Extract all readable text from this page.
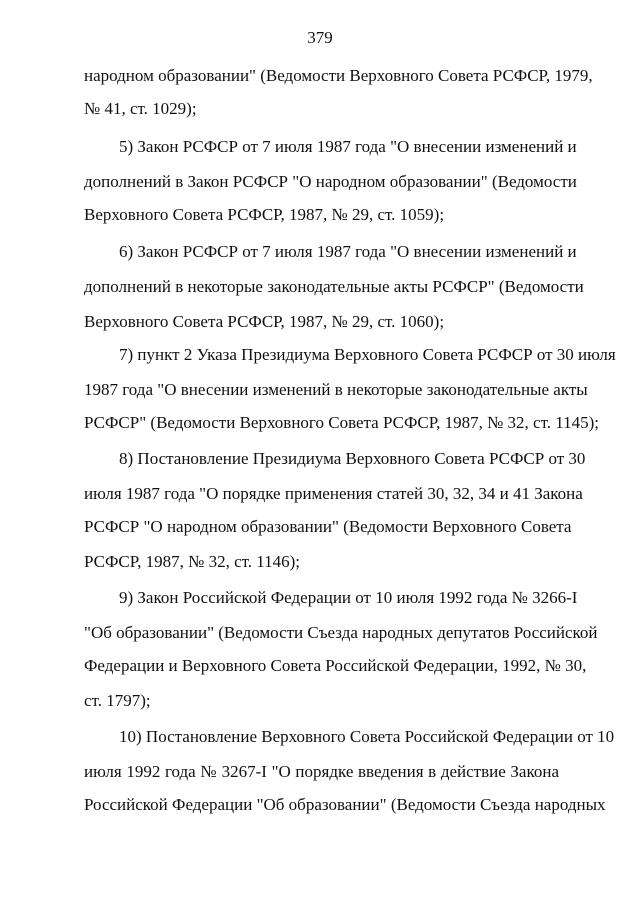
379
народном образовании" (Ведомости Верховного Совета РСФСР, 1979,
№ 41, ст. 1029);
5) Закон РСФСР от 7 июля 1987 года "О внесении изменений и
дополнений в Закон РСФСР "О народном образовании" (Ведомости
Верховного Совета РСФСР, 1987, № 29, ст. 1059);
6) Закон РСФСР от 7 июля 1987 года "О внесении изменений и
дополнений в некоторые законодательные акты РСФСР" (Ведомости
Верховного Совета РСФСР, 1987, № 29, ст. 1060);
7) пункт 2 Указа Президиума Верховного Совета РСФСР от 30 июля
1987 года "О внесении изменений в некоторые законодательные акты
РСФСР" (Ведомости Верховного Совета РСФСР, 1987, № 32, ст. 1145);
8) Постановление Президиума Верховного Совета РСФСР от 30
июля 1987 года "О порядке применения статей 30, 32, 34 и 41 Закона
РСФСР "О народном образовании" (Ведомости Верховного Совета
РСФСР, 1987, № 32, ст. 1146);
9) Закон Российской Федерации от 10 июля 1992 года № 3266-I
"Об образовании" (Ведомости Съезда народных депутатов Российской
Федерации и Верховного Совета Российской Федерации, 1992, № 30,
ст. 1797);
10) Постановление Верховного Совета Российской Федерации от 10
июля 1992 года № 3267-I "О порядке введения в действие Закона
Российской Федерации "Об образовании" (Ведомости Съезда народных
